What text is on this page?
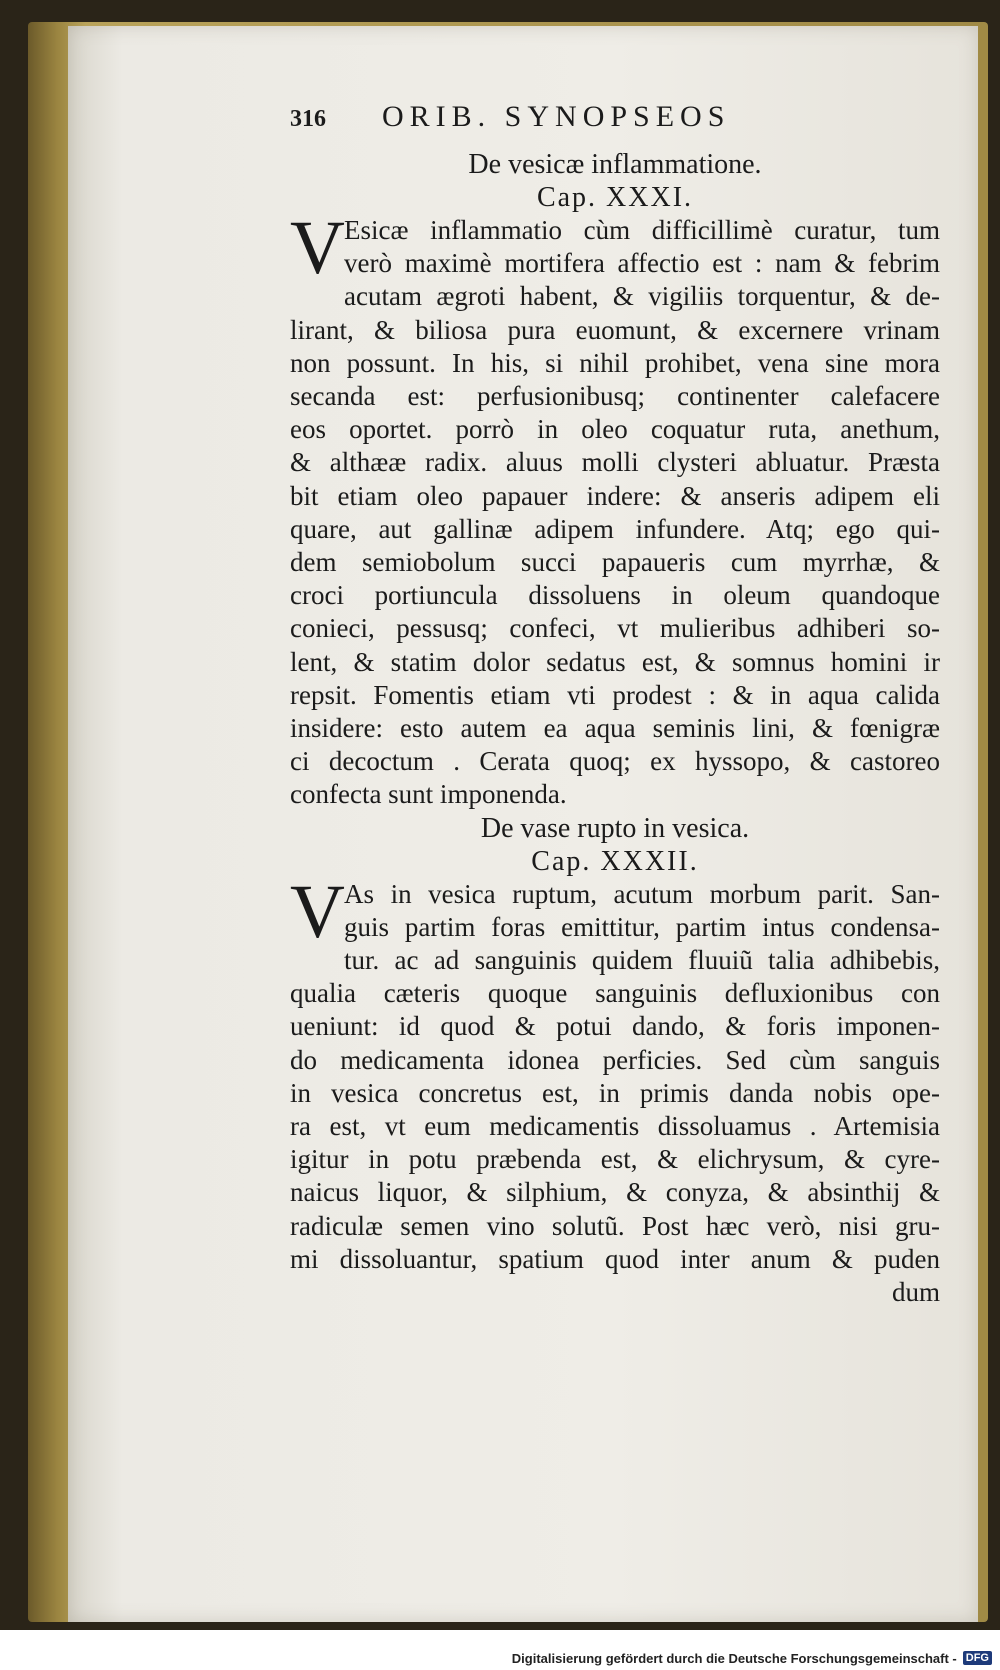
316	ORIB. SYNOPSEOS
De vesicæ inflammatione.
Cap. XXXI.
V Esicæ inflammatio cùm difficillimè curatur, tum
verò maximè mortifera affectio est : nam & febrim
acutam ægroti habent, & vigiliis torquentur, & de-
lirant, & biliosa pura euomunt, & excernere vrinam
non possunt. In his, si nihil prohibet, vena sine mora
secanda est: perfusionibusq; continenter calefacere
eos oportet. porrò in oleo coquatur ruta, anethum,
& althææ radix. aluus molli clysteri abluatur. Præsta
bit etiam oleo papauer indere: & anseris adipem eli
quare, aut gallinæ adipem infundere. Atq; ego qui-
dem semiobolum succi papaueris cum myrrhæ, &
croci portiuncula dissoluens in oleum quandoque
conieci, pessusq; confeci, vt mulieribus adhiberi so-
lent, & statim dolor sedatus est, & somnus homini ir
repsit. Fomentis etiam vti prodest : & in aqua calida
insidere: esto autem ea aqua seminis lini, & fœnigræ
ci decoctum . Cerata quoq; ex hyssopo, & castoreo
confecta sunt imponenda.
De vase rupto in vesica.
Cap. XXXII.
V As in vesica ruptum, acutum morbum parit. San-
guis partim foras emittitur, partim intus condensa-
tur. ac ad sanguinis quidem fluuiũ talia adhibebis,
qualia cæteris quoque sanguinis defluxionibus con
ueniunt: id quod & potui dando, & foris imponen-
do medicamenta idonea perficies. Sed cùm sanguis
in vesica concretus est, in primis danda nobis ope-
ra est, vt eum medicamentis dissoluamus . Artemisia
igitur in potu præbenda est, & elichrysum, & cyre-
naicus liquor, & silphium, & conyza, & absinthij &
radiculæ semen vino solutũ. Post hæc verò, nisi gru-
mi dissoluantur, spatium quod inter anum & puden
dum
Digitalisierung gefördert durch die Deutsche Forschungsgemeinschaft - DFG
